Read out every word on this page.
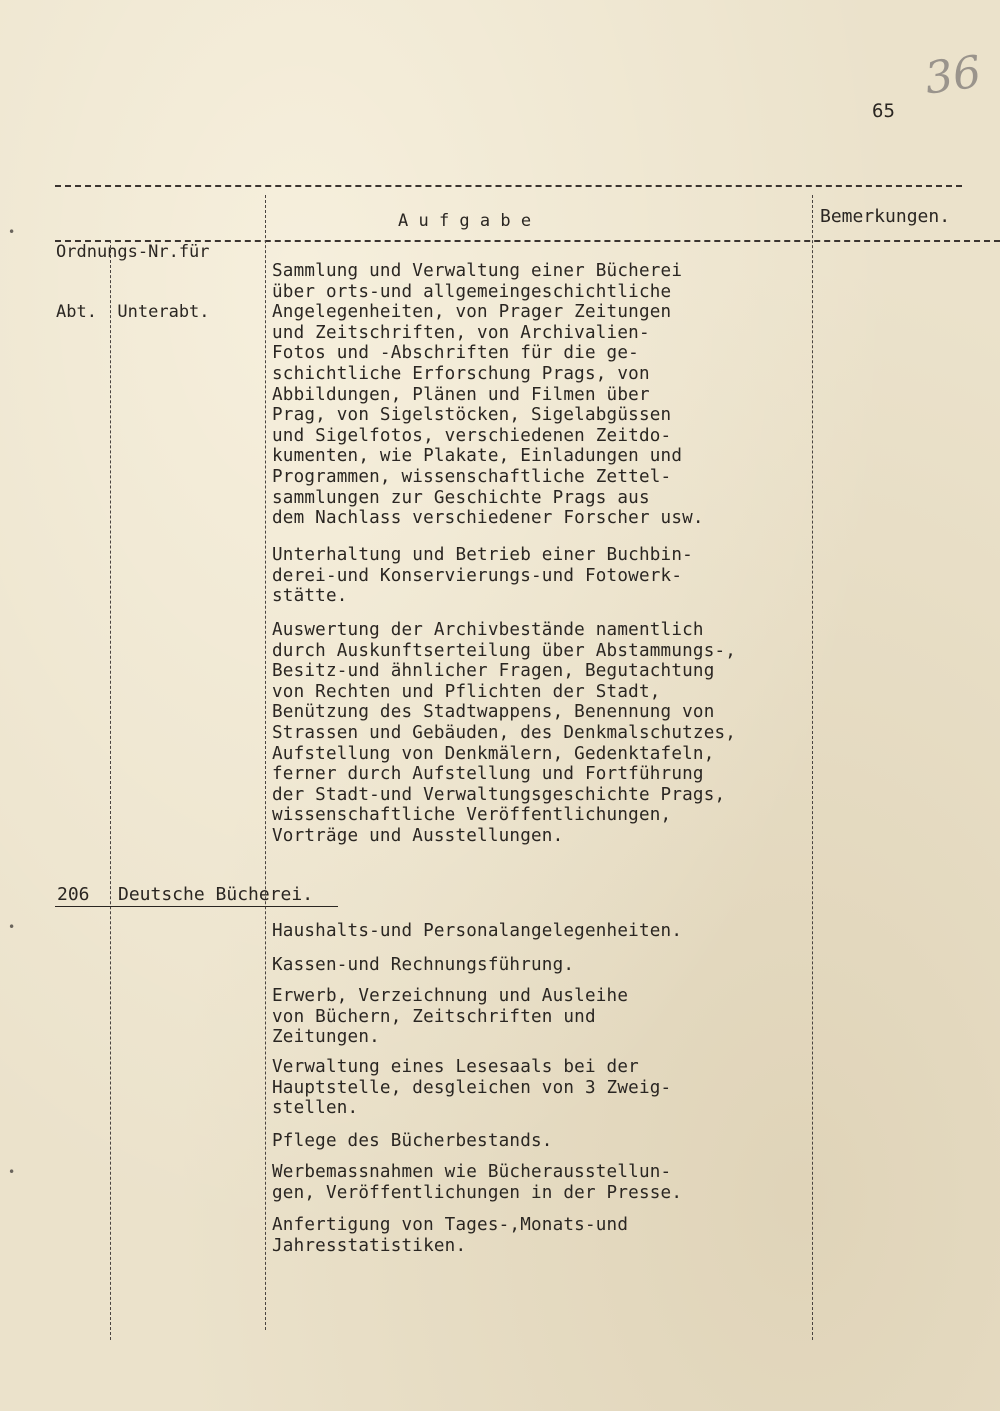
36
65

Ordnungs-Nr.für

Abt.  Unterabt.

A u f g a b e	Bemerkungen.
Sammlung und Verwaltung einer Bücherei
über orts-und allgemeingeschichtliche
Angelegenheiten, von Prager Zeitungen
und Zeitschriften, von Archivalien-
Fotos und -Abschriften für die ge-
schichtliche Erforschung Prags, von
Abbildungen, Plänen und Filmen über
Prag, von Sigelstöcken, Sigelabgüssen
und Sigelfotos, verschiedenen Zeitdo-
kumenten, wie Plakate, Einladungen und
Programmen, wissenschaftliche Zettel-
sammlungen zur Geschichte Prags aus
dem Nachlass verschiedener Forscher usw.
Unterhaltung und Betrieb einer Buchbin-
derei-und Konservierungs-und Fotowerk-
stätte.
Auswertung der Archivbestände namentlich
durch Auskunftserteilung über Abstammungs-,
Besitz-und ähnlicher Fragen, Begutachtung
von Rechten und Pflichten der Stadt,
Benützung des Stadtwappens, Benennung von
Strassen und Gebäuden, des Denkmalschutzes,
Aufstellung von Denkmälern, Gedenktafeln,
ferner durch Aufstellung und Fortführung
der Stadt-und Verwaltungsgeschichte Prags,
wissenschaftliche Veröffentlichungen,
Vorträge und Ausstellungen.
206 Deutsche Bücherei.
Haushalts-und Personalangelegenheiten.
Kassen-und Rechnungsführung.
Erwerb, Verzeichnung und Ausleihe
von Büchern, Zeitschriften und
Zeitungen.
Verwaltung eines Lesesaals bei der
Hauptstelle, desgleichen von 3 Zweig-
stellen.
Pflege des Bücherbestands.
Werbemassnahmen wie Bücherausstellun-
gen, Veröffentlichungen in der Presse.
Anfertigung von Tages-,Monats-und
Jahresstatistiken.
•
•
•
